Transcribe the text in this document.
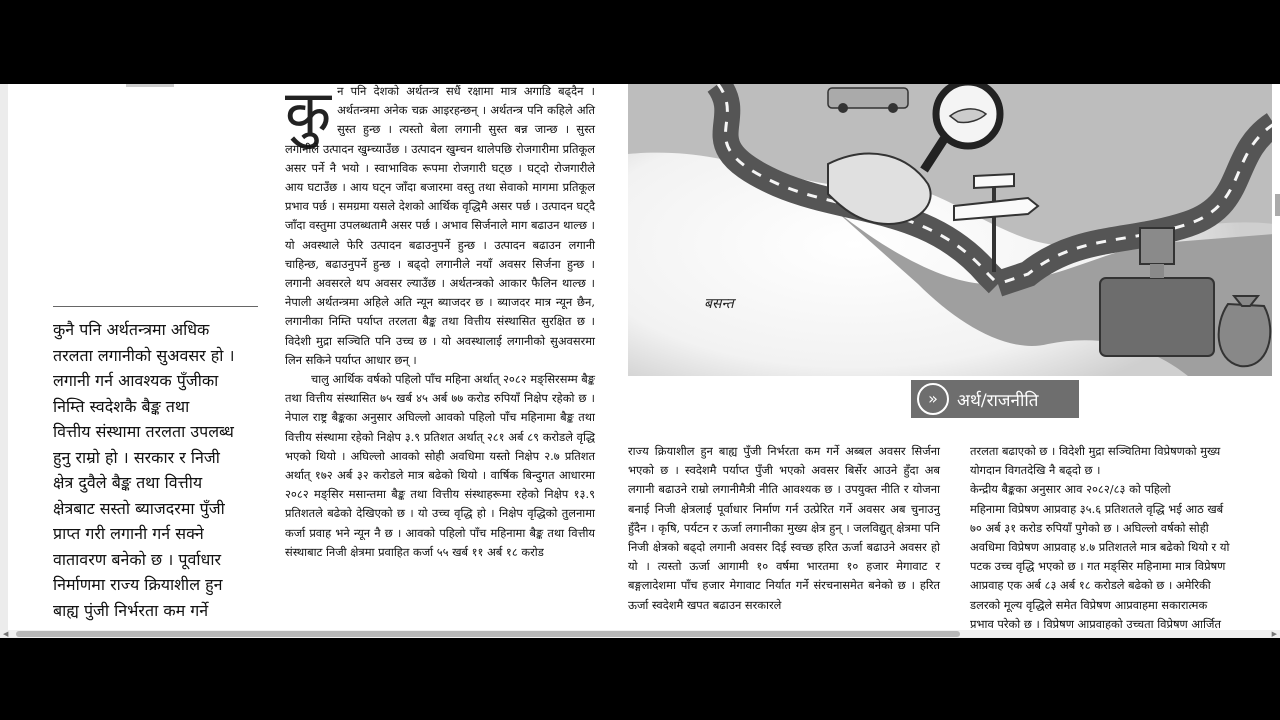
कुनै पनि अर्थतन्त्रमा अधिक
तरलता लगानीको सुअवसर हो ।
लगानी गर्न आवश्यक पुँजीका
निम्ति स्वदेशकै बैङ्क तथा
वित्तीय संस्थामा तरलता उपलब्ध
हुनु राम्रो हो । सरकार र निजी
क्षेत्र दुवैले बैङ्क तथा वित्तीय
क्षेत्रबाट सस्तो ब्याजदरमा पुँजी
प्राप्त गरी लगानी गर्न सक्ने
वातावरण बनेको छ । पूर्वाधार
निर्माणमा राज्य क्रियाशील हुन
बाह्य पुंजी निर्भरता कम गर्ने
कु न पनि देशको अर्थतन्त्र सधैं रक्षामा मात्र अगाडि बढ्दैन । अर्थतन्त्रमा अनेक चक्र आइरहन्छन् । अर्थतन्त्र पनि कहिले अति सुस्त हुन्छ । त्यस्तो बेला लगानी सुस्त बन्न जान्छ । सुस्त लगानीले उत्पादन खुम्च्याउँछ । उत्पादन खुम्चन थालेपछि रोजगारीमा प्रतिकूल असर पर्ने नै भयो । स्वाभाविक रूपमा रोजगारी घट्छ । घट्दो रोजगारीले आय घटाउँछ । आय घट्न जाँदा बजारमा वस्तु तथा सेवाको मागमा प्रतिकूल प्रभाव पर्छ । समग्रमा यसले देशको आर्थिक वृद्धिमै असर पर्छ । उत्पादन घट्दै जाँदा वस्तुमा उपलब्धतामै असर पर्छ । अभाव सिर्जनाले माग बढाउन थाल्छ । यो अवस्थाले फेरि उत्पादन बढाउनुपर्ने हुन्छ । उत्पादन बढाउन लगानी चाहिन्छ, बढाउनुपर्ने हुन्छ । बढ्दो लगानीले नयाँ अवसर सिर्जना हुन्छ । लगानी अवसरले थप अवसर ल्याउँछ । अर्थतन्त्रको आकार फैलिन थाल्छ । नेपाली अर्थतन्त्रमा अहिले अति न्यून ब्याजदर छ । ब्याजदर मात्र न्यून छैन, लगानीका निम्ति पर्याप्त तरलता बैङ्क तथा वित्तीय संस्थासित सुरक्षित छ । विदेशी मुद्रा सञ्चिति पनि उच्च छ । यो अवस्थालाई लगानीको सुअवसरमा लिन सकिने पर्याप्त आधार छन् ।

चालु आर्थिक वर्षको पहिलो पाँच महिना अर्थात् २०८२ मङ्सिरसम्म बैङ्क तथा वित्तीय संस्थासित ७५ खर्ब ४५ अर्ब ७७ करोड रुपियाँ निक्षेप रहेको छ । नेपाल राष्ट्र बैङ्कका अनुसार अघिल्लो आवको पहिलो पाँच महिनामा बैङ्क तथा वित्तीय संस्थामा रहेको निक्षेप ३.९ प्रतिशत अर्थात् २८१ अर्ब ८९ करोडले वृद्धि भएको थियो । अघिल्लो आवको सोही अवधिमा यस्तो निक्षेप २.७ प्रतिशत अर्थात् १७२ अर्ब ३२ करोडले मात्र बढेको थियो । वार्षिक बिन्दुगत आधारमा २०८२ मङ्सिर मसान्तमा बैङ्क तथा वित्तीय संस्थाहरूमा रहेको निक्षेप १३.९ प्रतिशतले बढेको देखिएको छ । यो उच्च वृद्धि हो । निक्षेप वृद्धिको तुलनामा कर्जा प्रवाह भने न्यून नै छ । आवको पहिलो पाँच महिनामा बैङ्क तथा वित्तीय संस्थाबाट निजी क्षेत्रमा प्रवाहित कर्जा ५५ खर्ब ११ अर्ब १८ करोड

बसन्त
»	अर्थ/राजनीति

राज्य क्रियाशील हुन बाह्य पुँजी निर्भरता कम गर्ने अब्बल अवसर सिर्जना भएको छ । स्वदेशमै पर्याप्त पुँजी भएको अवसर बिर्सेर आउने हुँदा अब लगानी बढाउने राम्रो लगानीमैत्री नीति आवश्यक छ । उपयुक्त नीति र योजना बनाई निजी क्षेत्रलाई पूर्वाधार निर्माण गर्न उत्प्रेरित गर्ने अवसर अब चुनाउनु हुँदैन । कृषि, पर्यटन र ऊर्जा लगानीका मुख्य क्षेत्र हुन् । जलविद्युत् क्षेत्रमा पनि निजी क्षेत्रको बढ्दो लगानी अवसर दिई स्वच्छ हरित ऊर्जा बढाउने अवसर हो यो । त्यस्तो ऊर्जा आगामी १० वर्षमा भारतमा १० हजार मेगावाट र बङ्गलादेशमा पाँच हजार मेगावाट निर्यात गर्ने संरचनासमेत बनेको छ । हरित ऊर्जा स्वदेशमै खपत बढाउन सरकारले

तरलता बढाएको छ । विदेशी मुद्रा सञ्चितिमा विप्रेषणको मुख्य
योगदान विगतदेखि नै बढ्दो छ ।
केन्द्रीय बैङ्कका अनुसार आव २०८२/८३ को पहिलो
महिनामा विप्रेषण आप्रवाह ३५.६ प्रतिशतले वृद्धि भई आठ खर्ब
७० अर्ब ३१ करोड रुपियाँ पुगेको छ । अघिल्लो वर्षको सोही
अवधिमा विप्रेषण आप्रवाह ४.७ प्रतिशतले मात्र बढेको थियो र यो
पटक उच्च वृद्धि भएको छ । गत मङ्सिर महिनामा मात्र विप्रेषण
आप्रवाह एक अर्ब ८३ अर्ब १८ करोडले बढेको छ । अमेरिकी
डलरको मूल्य वृद्धिले समेत विप्रेषण आप्रवाहमा सकारात्मक
प्रभाव परेको छ । विप्रेषण आप्रवाहको उच्चता विप्रेषण आर्जित
◀	▶
